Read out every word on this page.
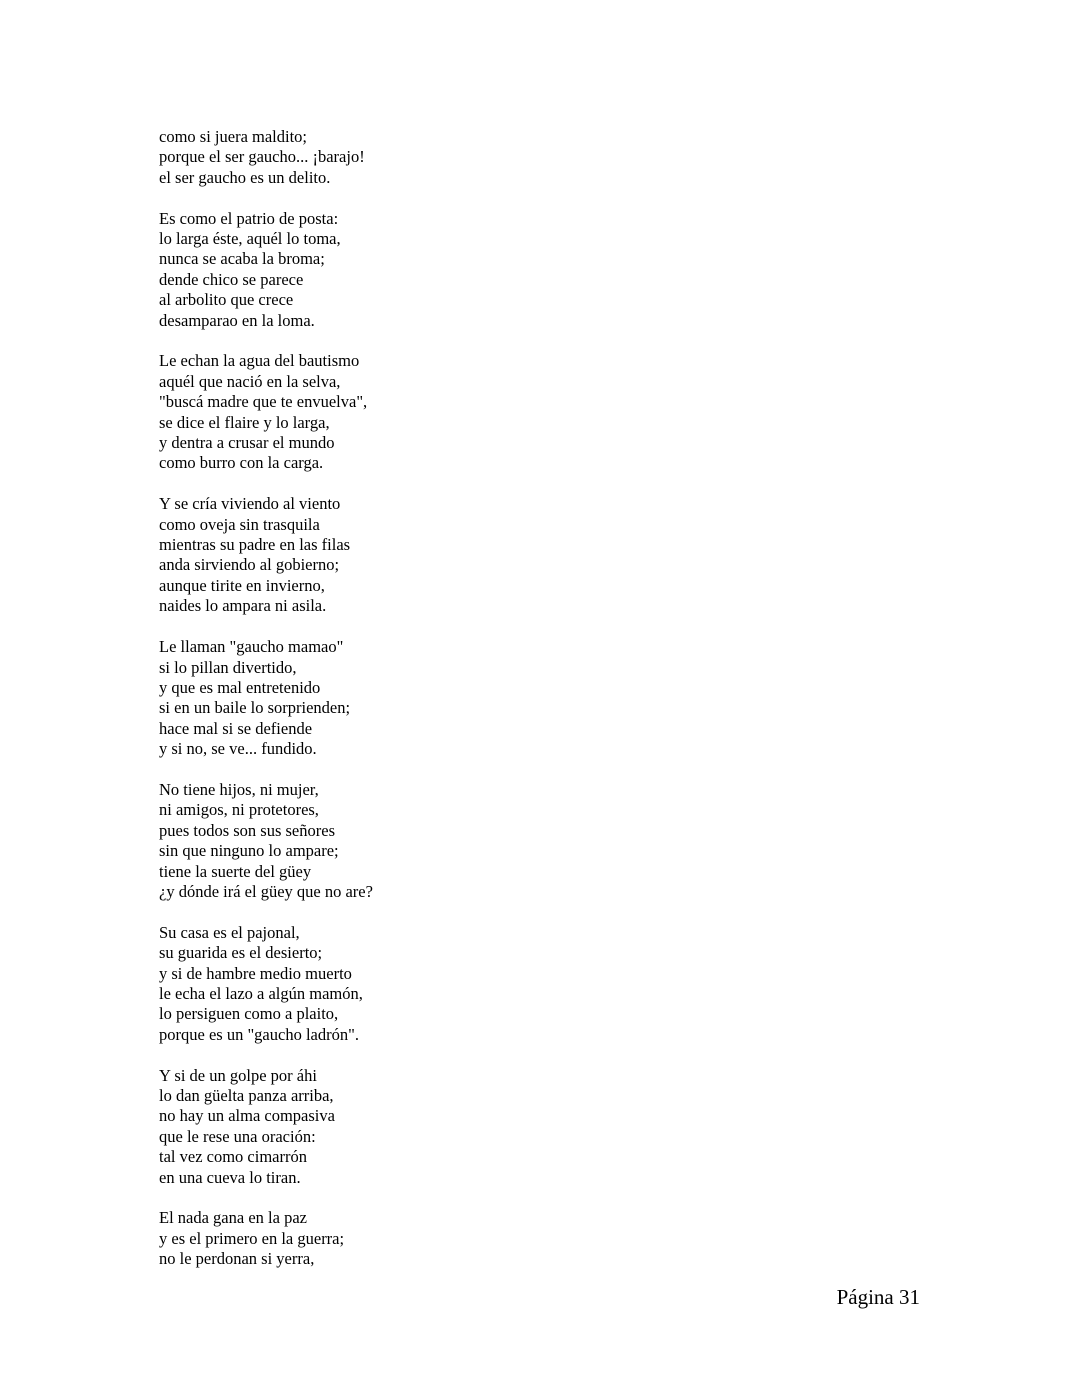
como si juera maldito;
porque el ser gaucho... ¡barajo!
el ser gaucho es un delito.
Es como el patrio de posta:
lo larga éste, aquél lo toma,
nunca se acaba la broma;
dende chico se parece
al arbolito que crece
desamparao en la loma.
Le echan la agua del bautismo
aquél que nació en la selva,
"buscá madre que te envuelva",
se dice el flaire y lo larga,
y dentra a crusar el mundo
como burro con la carga.
Y se cría viviendo al viento
como oveja sin trasquila
mientras su padre en las filas
anda sirviendo al gobierno;
aunque tirite en invierno,
naides lo ampara ni asila.
Le llaman "gaucho mamao"
si lo pillan divertido,
y que es mal entretenido
si en un baile lo sorprienden;
hace mal si se defiende
y si no, se ve... fundido.
No tiene hijos, ni mujer,
ni amigos, ni protetores,
pues todos son sus señores
sin que ninguno lo ampare;
tiene la suerte del güey
¿y dónde irá el güey que no are?
Su casa es el pajonal,
su guarida es el desierto;
y si de hambre medio muerto
le echa el lazo a algún mamón,
lo persiguen como a plaito,
porque es un "gaucho ladrón".
Y si de un golpe por áhi
lo dan güelta panza arriba,
no hay un alma compasiva
que le rese una oración:
tal vez como cimarrón
en una cueva lo tiran.
El nada gana en la paz
y es el primero en la guerra;
no le perdonan si yerra,
Página 31
